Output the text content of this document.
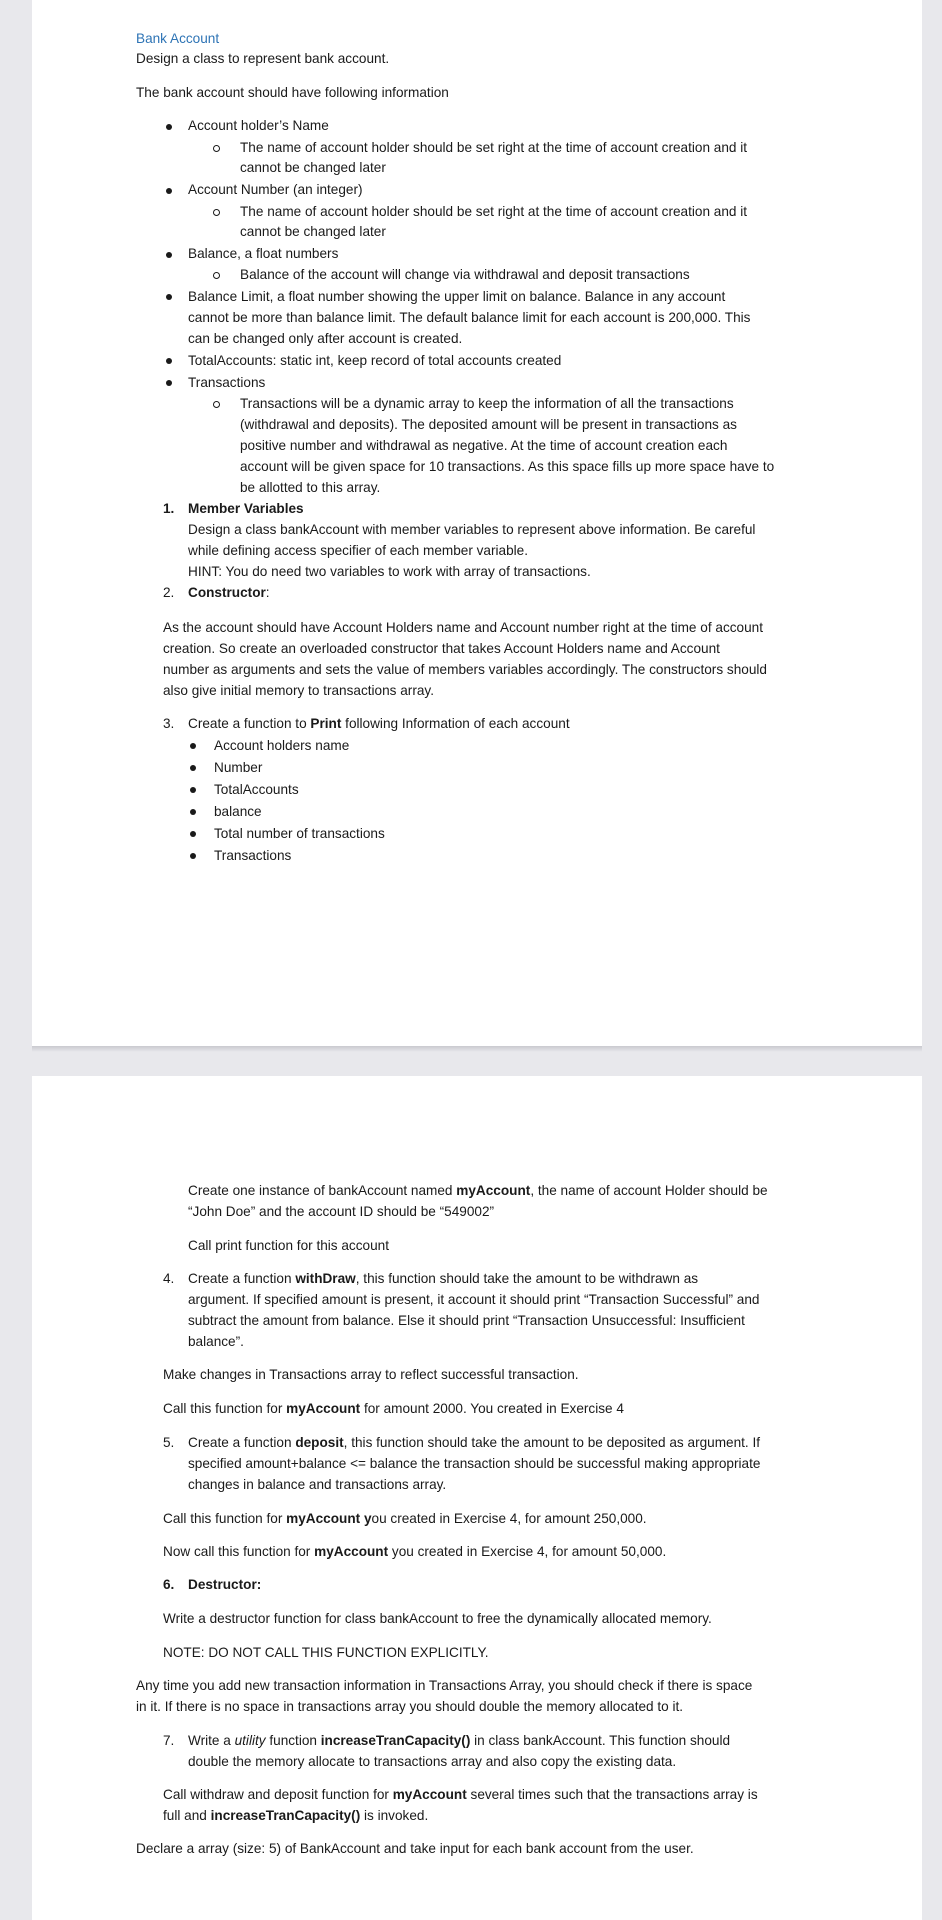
Bank Account
Design a class to represent bank account.
The bank account should have following information
Account holder’s Name
The name of account holder should be set right at the time of account creation and it
cannot be changed later
Account Number (an integer)
The name of account holder should be set right at the time of account creation and it
cannot be changed later
Balance, a float numbers
Balance of the account will change via withdrawal and deposit transactions
Balance Limit, a float number showing the upper limit on balance. Balance in any account
cannot be more than balance limit. The default balance limit for each account is 200,000. This
can be changed only after account is created.
TotalAccounts: static int, keep record of total accounts created
Transactions
Transactions will be a dynamic array to keep the information of all the transactions
(withdrawal and deposits). The deposited amount will be present in transactions as
positive number and withdrawal as negative. At the time of account creation each
account will be given space for 10 transactions. As this space fills up more space have to
be allotted to this array.
1. Member Variables
Design a class bankAccount with member variables to represent above information. Be careful
while defining access specifier of each member variable.
HINT: You do need two variables to work with array of transactions.
2. Constructor:
As the account should have Account Holders name and Account number right at the time of account
creation. So create an overloaded constructor that takes Account Holders name and Account
number as arguments and sets the value of members variables accordingly. The constructors should
also give initial memory to transactions array.
3. Create a function to Print following Information of each account
Account holders name
Number
TotalAccounts
balance
Total number of transactions
Transactions
Create one instance of bankAccount named myAccount, the name of account Holder should be
“John Doe” and the account ID should be “549002”
Call print function for this account
4. Create a function withDraw, this function should take the amount to be withdrawn as
argument. If specified amount is present, it account it should print “Transaction Successful” and
subtract the amount from balance. Else it should print “Transaction Unsuccessful: Insufficient
balance”.
Make changes in Transactions array to reflect successful transaction.
Call this function for myAccount for amount 2000. You created in Exercise 4
5. Create a function deposit, this function should take the amount to be deposited as argument. If
specified amount+balance <= balance the transaction should be successful making appropriate
changes in balance and transactions array.
Call this function for myAccount you created in Exercise 4, for amount 250,000.
Now call this function for myAccount you created in Exercise 4, for amount 50,000.
6. Destructor:
Write a destructor function for class bankAccount to free the dynamically allocated memory.
NOTE: DO NOT CALL THIS FUNCTION EXPLICITLY.
Any time you add new transaction information in Transactions Array, you should check if there is space
in it. If there is no space in transactions array you should double the memory allocated to it.
7. Write a utility function increaseTranCapacity() in class bankAccount. This function should
double the memory allocate to transactions array and also copy the existing data.
Call withdraw and deposit function for myAccount several times such that the transactions array is
full and increaseTranCapacity() is invoked.
Declare a array (size: 5) of BankAccount and take input for each bank account from the user.
